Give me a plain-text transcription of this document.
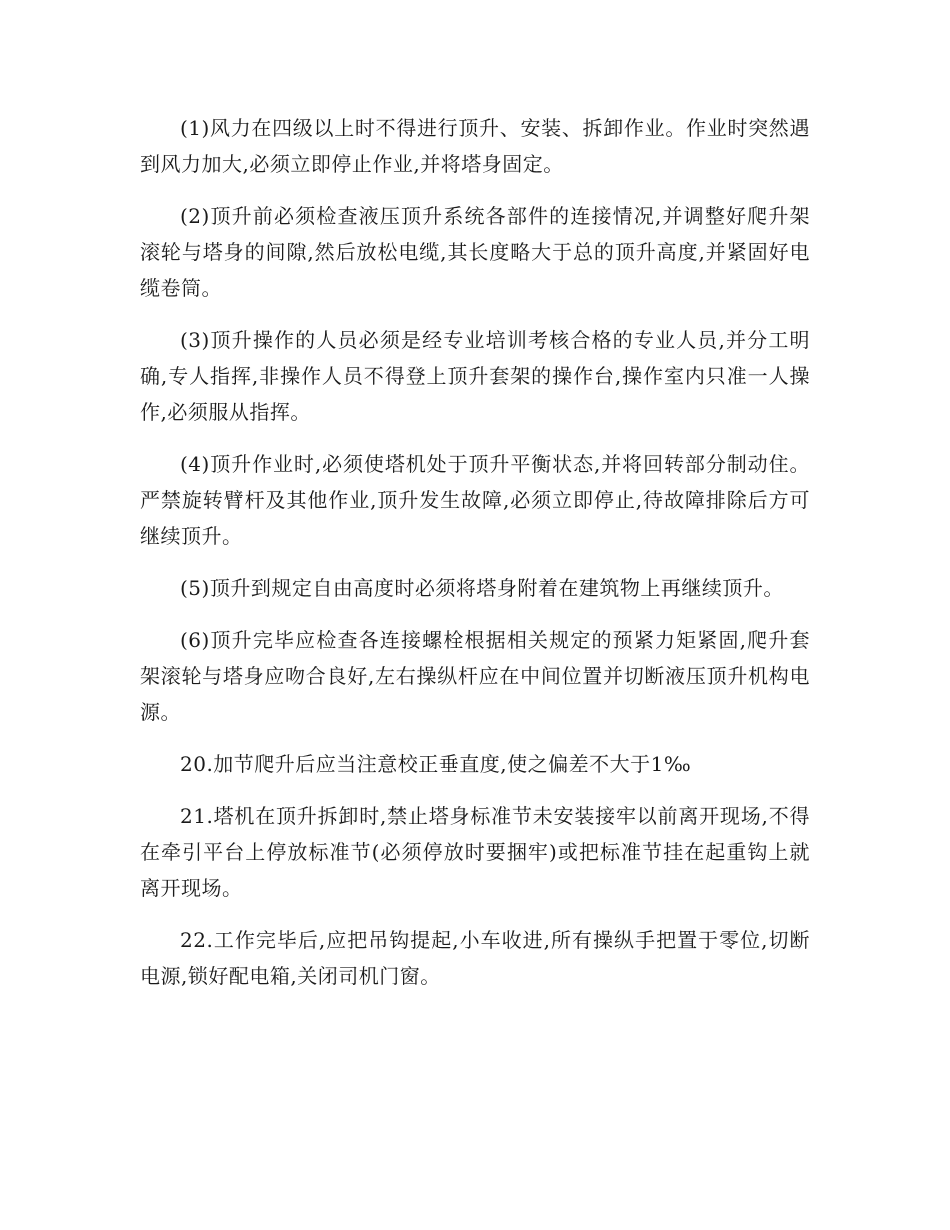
(1)风力在四级以上时不得进行顶升、安装、拆卸作业。作业时突然遇到风力加大,必须立即停止作业,并将塔身固定。

(2)顶升前必须检查液压顶升系统各部件的连接情况,并调整好爬升架滚轮与塔身的间隙,然后放松电缆,其长度略大于总的顶升高度,并紧固好电缆卷筒。

(3)顶升操作的人员必须是经专业培训考核合格的专业人员,并分工明确,专人指挥,非操作人员不得登上顶升套架的操作台,操作室内只准一人操作,必须服从指挥。

(4)顶升作业时,必须使塔机处于顶升平衡状态,并将回转部分制动住。严禁旋转臂杆及其他作业,顶升发生故障,必须立即停止,待故障排除后方可继续顶升。

(5)顶升到规定自由高度时必须将塔身附着在建筑物上再继续顶升。

(6)顶升完毕应检查各连接螺栓根据相关规定的预紧力矩紧固,爬升套架滚轮与塔身应吻合良好,左右操纵杆应在中间位置并切断液压顶升机构电源。

20.加节爬升后应当注意校正垂直度,使之偏差不大于1‰

21.塔机在顶升拆卸时,禁止塔身标准节未安装接牢以前离开现场,不得在牵引平台上停放标准节(必须停放时要捆牢)或把标准节挂在起重钩上就离开现场。

22.工作完毕后,应把吊钩提起,小车收进,所有操纵手把置于零位,切断电源,锁好配电箱,关闭司机门窗。
